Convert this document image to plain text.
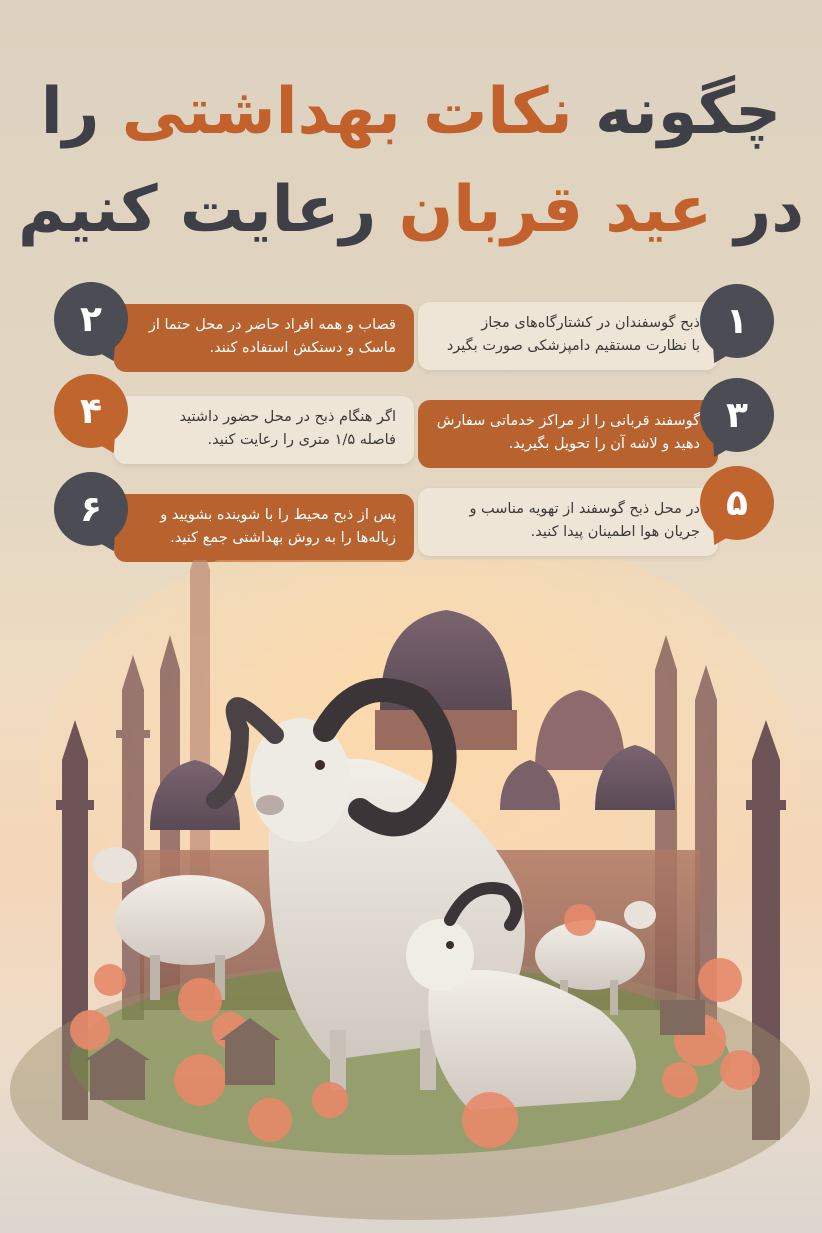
چگونه نکات بهداشتی را
در عید قربان رعایت کنیم
ذبح گوسفندان در کشتارگاه‌های مجاز
با نظارت مستقیم دامپزشکی صورت بگیرد
۱
قصاب و همه افراد حاضر در محل حتما از
ماسک و دستکش استفاده کنند.
۲
گوسفند قربانی را از مراکز خدماتی سفارش
دهید و لاشه آن را تحویل بگیرید.
۳
اگر هنگام ذبح در محل حضور داشتید
فاصله ۱/۵ متری را رعایت کنید.
۴
در محل ذبح گوسفند از تهویه مناسب و
جریان هوا اطمینان پیدا کنید.
۵
پس از ذبح محیط را با شوینده بشویید و
زباله‌ها را به روش بهداشتی جمع کنید.
۶
